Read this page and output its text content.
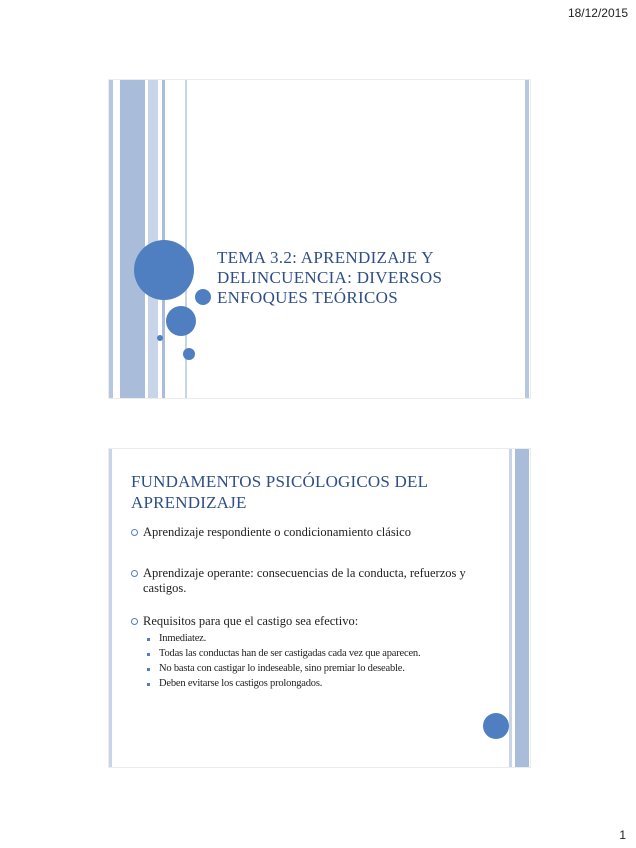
18/12/2015
TEMA 3.2: APRENDIZAJE Y DELINCUENCIA: DIVERSOS ENFOQUES TEÓRICOS
FUNDAMENTOS PSICÓLOGICOS DEL APRENDIZAJE
Aprendizaje respondiente o condicionamiento clásico
Aprendizaje operante: consecuencias de la conducta, refuerzos y castigos.
Requisitos para que el castigo sea efectivo:
Inmediatez.
Todas las conductas han de ser castigadas cada vez que aparecen.
No basta con castigar lo indeseable, sino premiar lo deseable.
Deben evitarse los castigos prolongados.
1
